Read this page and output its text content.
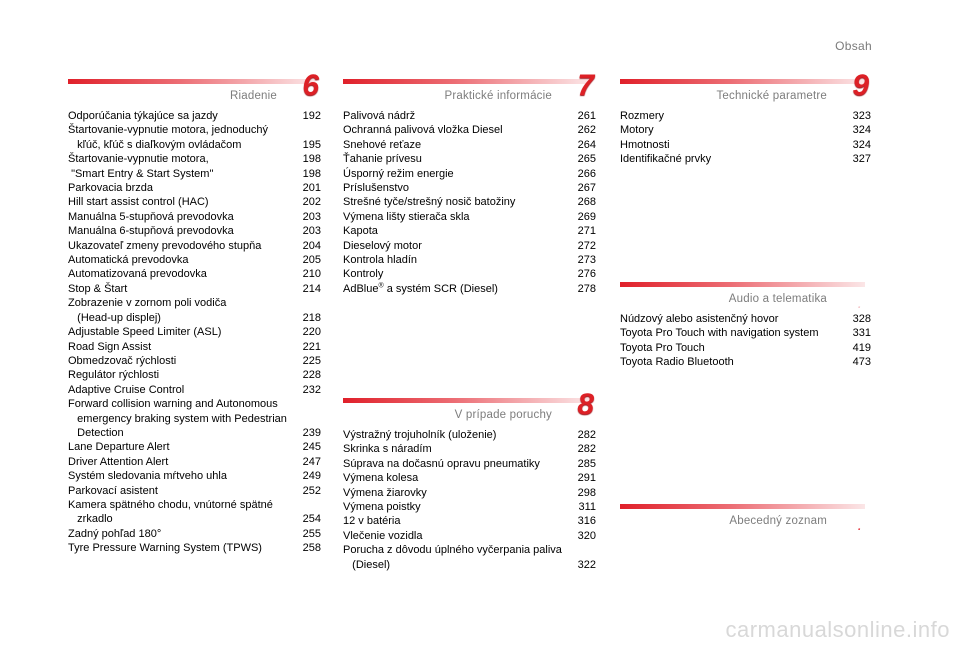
Obsah
Riadenie 6
Odporúčania týkajúce sa jazdy	192
Štartovanie-vypnutie motora, jednoduchý
kľúč, kľúč s diaľkovým ovládačom	195
Štartovanie-vypnutie motora,	198
"Smart Entry & Start System"	198
Parkovacia brzda	201
Hill start assist control (HAC)	202
Manuálna 5-stupňová prevodovka	203
Manuálna 6-stupňová prevodovka	203
Ukazovateľ zmeny prevodového stupňa	204
Automatická prevodovka	205
Automatizovaná prevodovka	210
Stop & Štart	214
Zobrazenie v zornom poli vodiča
(Head-up displej)	218
Adjustable Speed Limiter (ASL)	220
Road Sign Assist	221
Obmedzovač rýchlosti	225
Regulátor rýchlosti	228
Adaptive Cruise Control	232
Forward collision warning and Autonomous
emergency braking system with Pedestrian
Detection	239
Lane Departure Alert	245
Driver Attention Alert	247
Systém sledovania mŕtveho uhla	249
Parkovací asistent	252
Kamera spätného chodu, vnútorné spätné
zrkadlo	254
Zadný pohľad 180°	255
Tyre Pressure Warning System (TPWS)	258
Praktické informácie 7
Palivová nádrž	261
Ochranná palivová vložka Diesel	262
Snehové reťaze	264
Ťahanie prívesu	265
Úsporný režim energie	266
Príslušenstvo	267
Strešné tyče/strešný nosič batožiny	268
Výmena lišty stierača skla	269
Kapota	271
Dieselový motor	272
Kontrola hladín	273
Kontroly	276
AdBlue® a systém SCR (Diesel)	278
V prípade poruchy 8
Výstražný trojuholník (uloženie)	282
Skrinka s náradím	282
Súprava na dočasnú opravu pneumatiky	285
Výmena kolesa	291
Výmena žiarovky	298
Výmena poistky	311
12 v batéria	316
Vlečenie vozidla	320
Porucha z dôvodu úplného vyčerpania paliva
(Diesel)	322
Technické parametre 9
Rozmery	323
Motory	324
Hmotnosti	324
Identifikačné prvky	327
Audio a telematika	.
Núdzový alebo asistenčný hovor	328
Toyota Pro Touch with navigation system	331
Toyota Pro Touch	419
Toyota Radio Bluetooth	473
Abecedný zoznam	.
carmanualsonline.info
